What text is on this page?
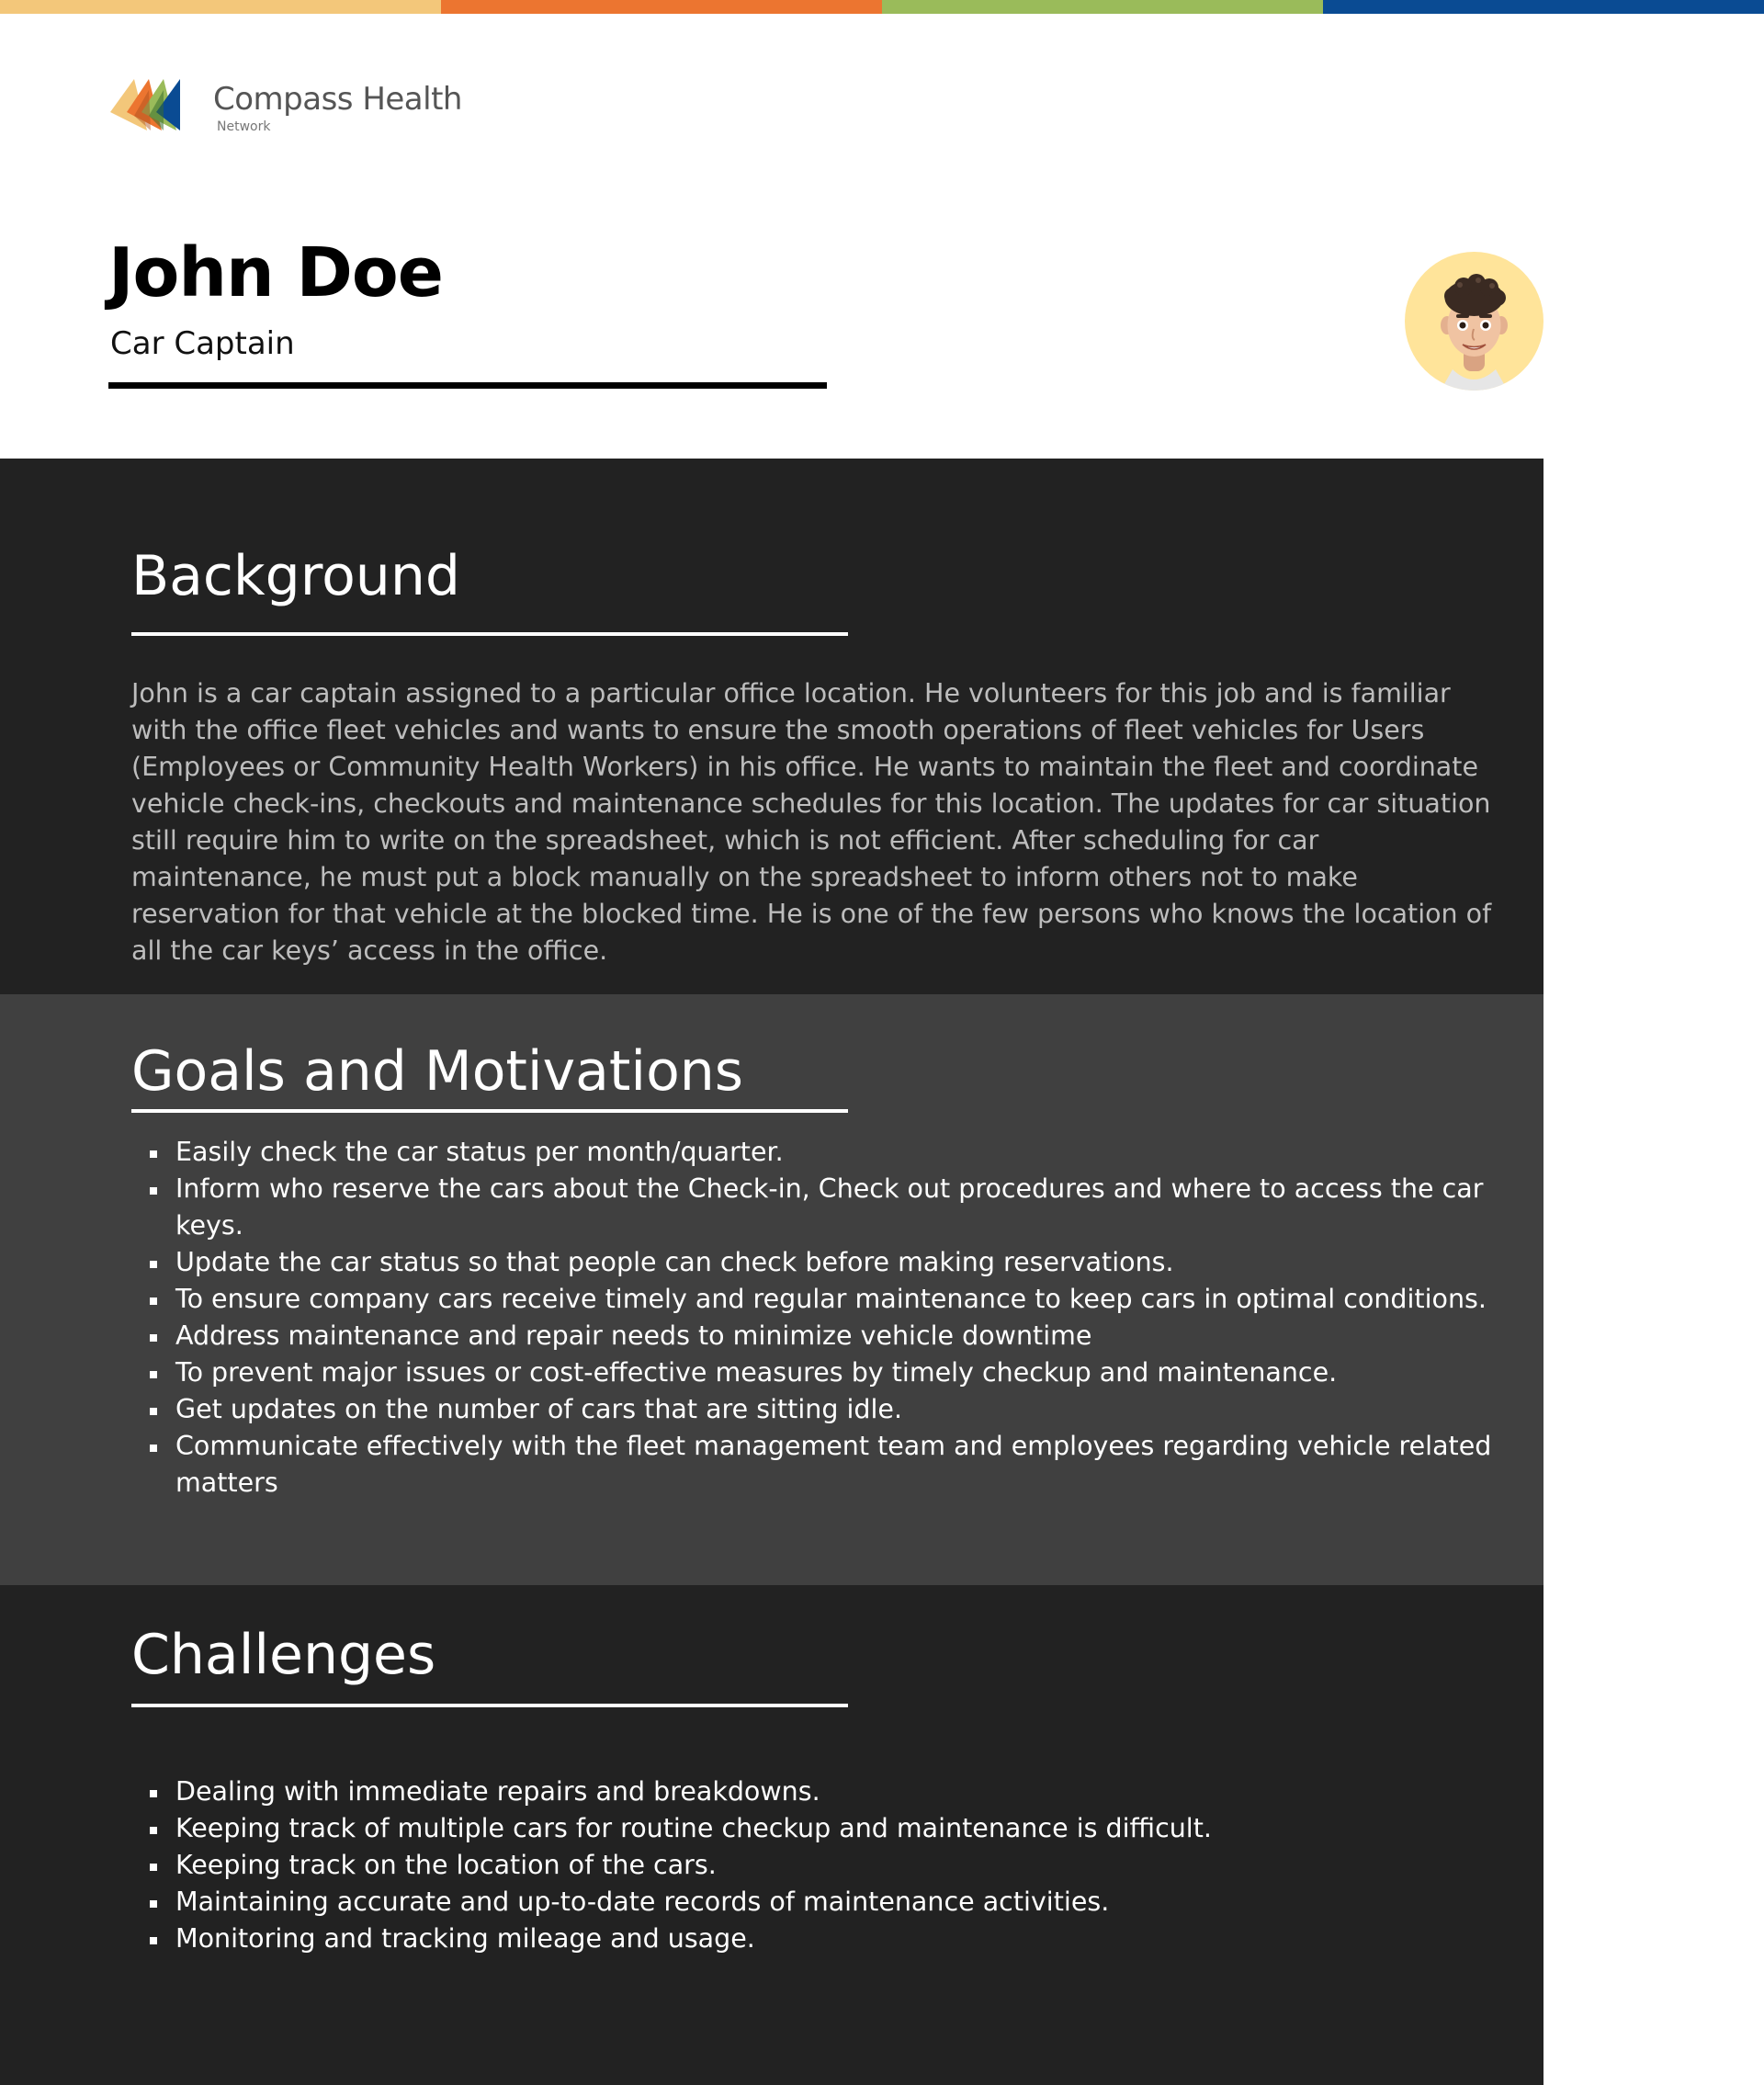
Compass Health
Network
John Doe

Car Captain

Background

John is a car captain assigned to a particular office location. He volunteers for this job and is familiar with the office fleet vehicles and wants to ensure the smooth operations of fleet vehicles for Users (Employees or Community Health Workers) in his office. He wants to maintain the fleet and coordinate vehicle check-ins, checkouts and maintenance schedules for this location. The updates for car situation still require him to write on the spreadsheet, which is not efficient. After scheduling for car maintenance, he must put a block manually on the spreadsheet to inform others not to make reservation for that vehicle at the blocked time. He is one of the few persons who knows the location of all the car keys’ access in the office.

Goals and Motivations
Easily check the car status per month/quarter.
Inform who reserve the cars about the Check-in, Check out procedures and where to access the car keys.
Update the car status so that people can check before making reservations.
To ensure company cars receive timely and regular maintenance to keep cars in optimal conditions.
Address maintenance and repair needs to minimize vehicle downtime
To prevent major issues or cost-effective measures by timely checkup and maintenance.
Get updates on the number of cars that are sitting idle.
Communicate effectively with the fleet management team and employees regarding vehicle related matters
Challenges
Dealing with immediate repairs and breakdowns.
Keeping track of multiple cars for routine checkup and maintenance is difficult.
Keeping track on the location of the cars.
Maintaining accurate and up-to-date records of maintenance activities.
Monitoring and tracking mileage and usage.
